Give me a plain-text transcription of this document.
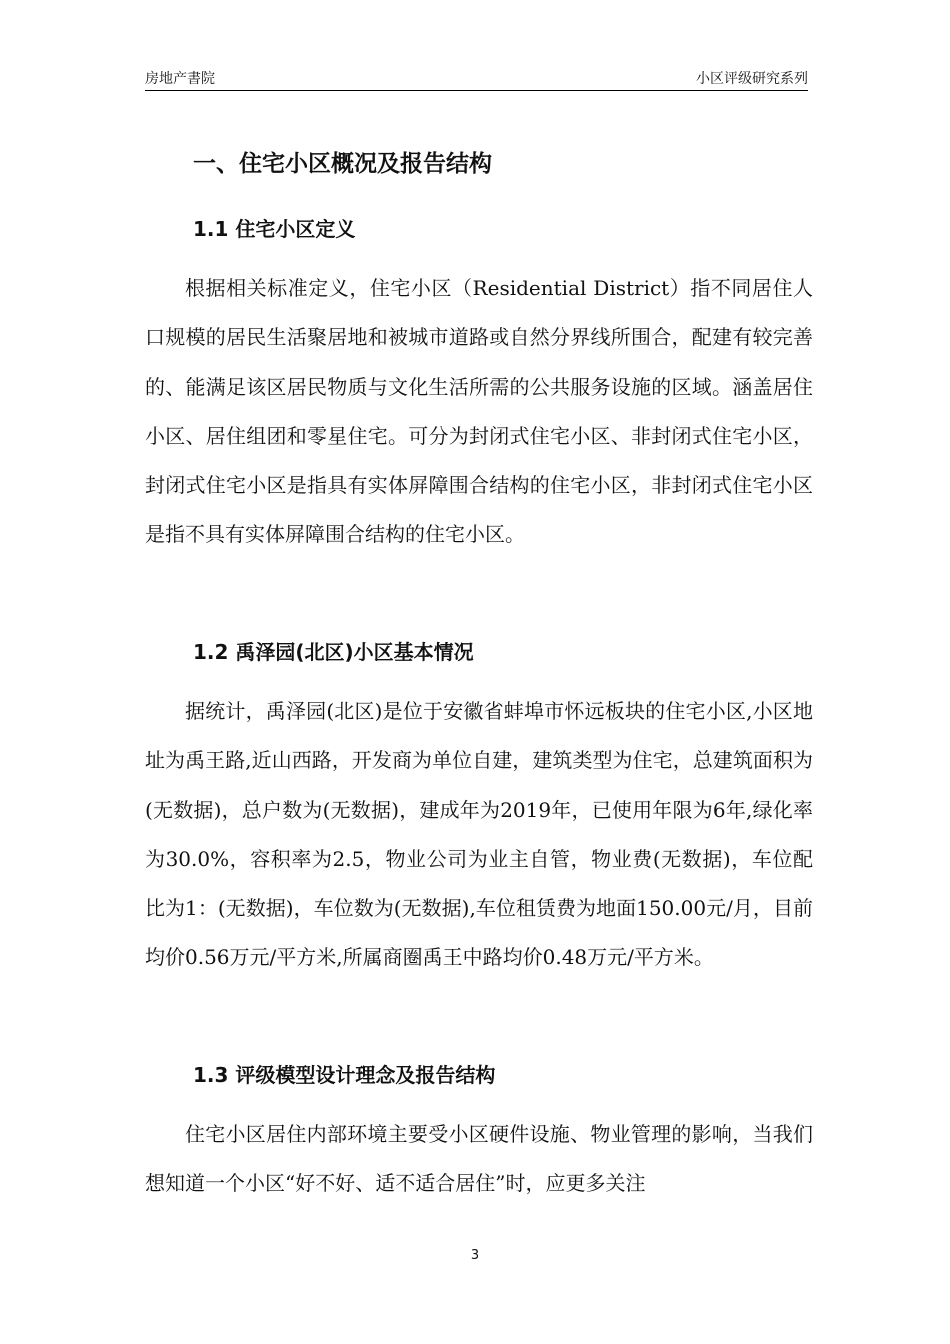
房地产書院	小区评级研究系列
一、住宅小区概况及报告结构
1.1 住宅小区定义

根据相关标准定义，住宅小区（Residential District）指不同居住人口规模的居民生活聚居地和被城市道路或自然分界线所围合，配建有较完善的、能满足该区居民物质与文化生活所需的公共服务设施的区域。涵盖居住小区、居住组团和零星住宅。可分为封闭式住宅小区、非封闭式住宅小区，封闭式住宅小区是指具有实体屏障围合结构的住宅小区，非封闭式住宅小区是指不具有实体屏障围合结构的住宅小区。

1.2 禹泽园(北区)小区基本情况

据统计，禹泽园(北区)是位于安徽省蚌埠市怀远板块的住宅小区,小区地址为禹王路,近山西路，开发商为单位自建，建筑类型为住宅，总建筑面积为(无数据)，总户数为(无数据)，建成年为2019年，已使用年限为6年,绿化率为30.0%，容积率为2.5，物业公司为业主自管，物业费(无数据)，车位配比为1：(无数据)，车位数为(无数据),车位租赁费为地面150.00元/月，目前均价0.56万元/平方米,所属商圈禹王中路均价0.48万元/平方米。

1.3 评级模型设计理念及报告结构

住宅小区居住内部环境主要受小区硬件设施、物业管理的影响，当我们想知道一个小区“好不好、适不适合居住”时，应更多关注

3
